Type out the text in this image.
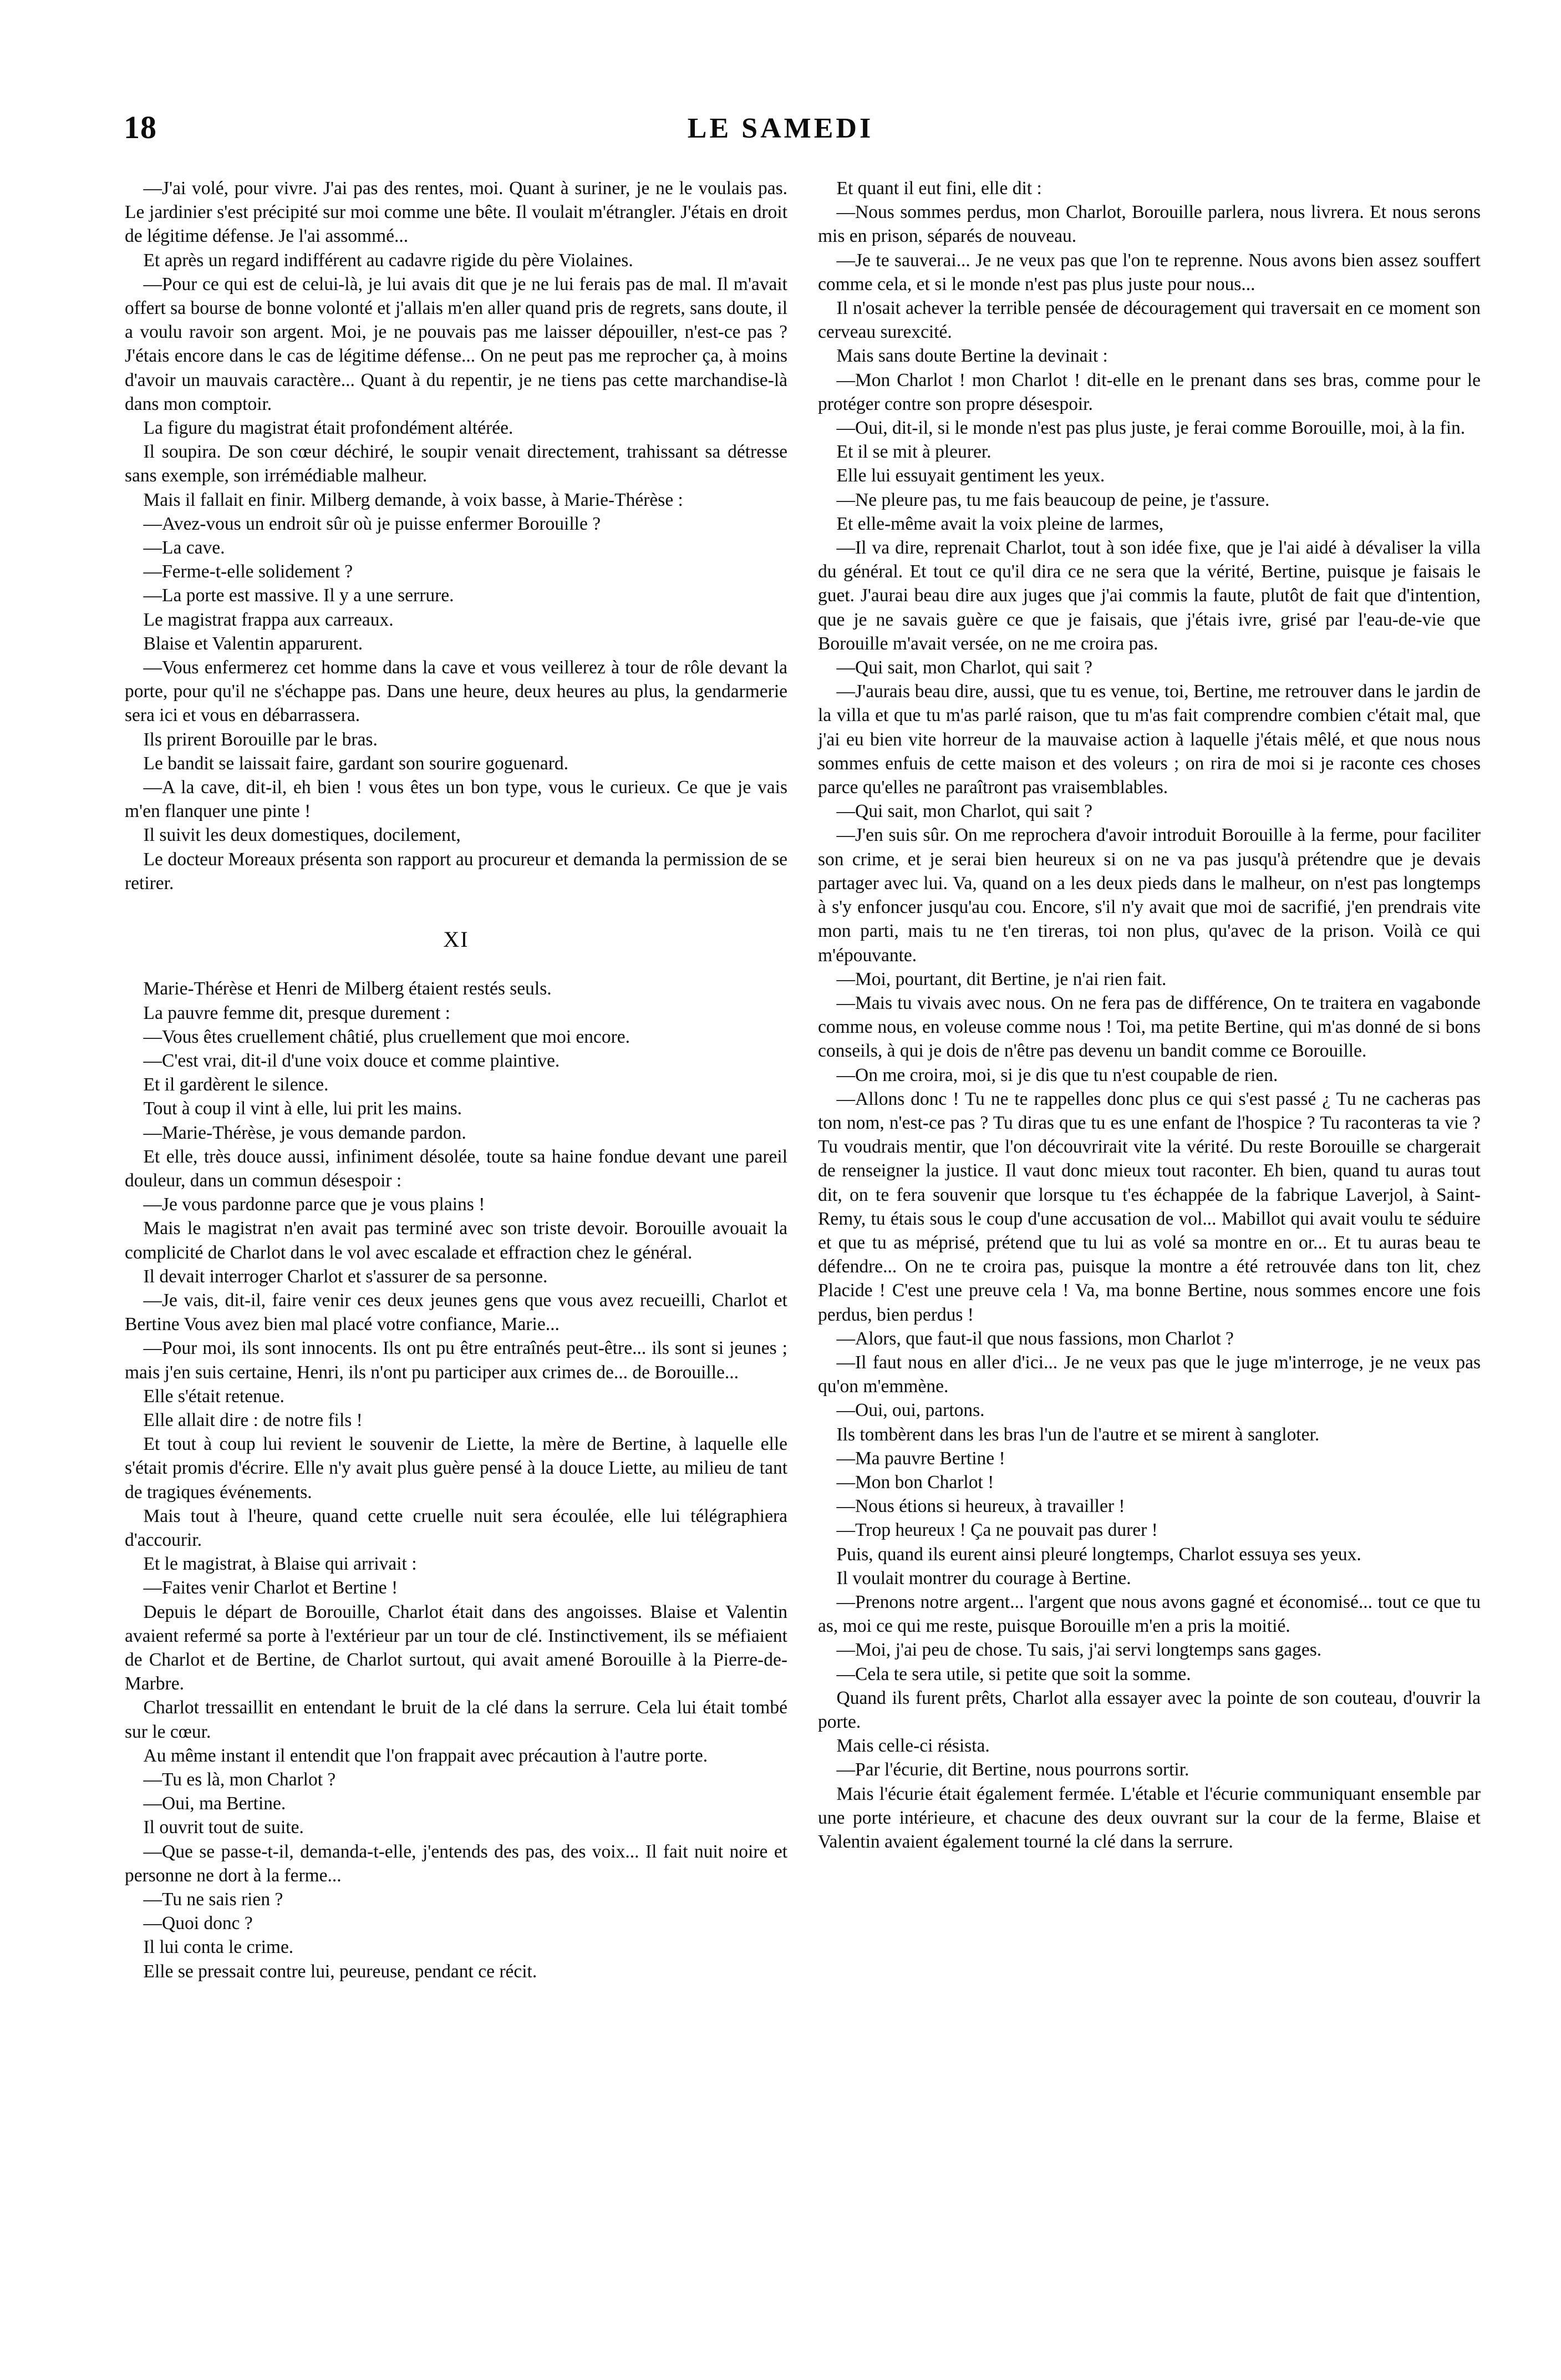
18	LE SAMEDI

—J'ai volé, pour vivre. J'ai pas des rentes, moi. Quant à suriner, je ne le voulais pas. Le jardinier s'est précipité sur moi comme une bête. Il voulait m'étrangler. J'étais en droit de légitime défense. Je l'ai assommé...

Et après un regard indifférent au cadavre rigide du père Violaines.

—Pour ce qui est de celui-là, je lui avais dit que je ne lui ferais pas de mal. Il m'avait offert sa bourse de bonne volonté et j'allais m'en aller quand pris de regrets, sans doute, il a voulu ravoir son argent. Moi, je ne pouvais pas me laisser dépouiller, n'est-ce pas ? J'étais encore dans le cas de légitime défense... On ne peut pas me reprocher ça, à moins d'avoir un mauvais caractère... Quant à du repentir, je ne tiens pas cette marchandise-là dans mon comptoir.

La figure du magistrat était profondément altérée.

Il soupira. De son cœur déchiré, le soupir venait directement, trahissant sa détresse sans exemple, son irrémédiable malheur.

Mais il fallait en finir. Milberg demande, à voix basse, à Marie-Thérèse :

—Avez-vous un endroit sûr où je puisse enfermer Borouille ?

—La cave.

—Ferme-t-elle solidement ?

—La porte est massive. Il y a une serrure.

Le magistrat frappa aux carreaux.

Blaise et Valentin apparurent.

—Vous enfermerez cet homme dans la cave et vous veillerez à tour de rôle devant la porte, pour qu'il ne s'échappe pas. Dans une heure, deux heures au plus, la gendarmerie sera ici et vous en débarrassera.

Ils prirent Borouille par le bras.

Le bandit se laissait faire, gardant son sourire goguenard.

—A la cave, dit-il, eh bien ! vous êtes un bon type, vous le curieux. Ce que je vais m'en flanquer une pinte !

Il suivit les deux domestiques, docilement,

Le docteur Moreaux présenta son rapport au procureur et demanda la permission de se retirer.

XI

Marie-Thérèse et Henri de Milberg étaient restés seuls.

La pauvre femme dit, presque durement :

—Vous êtes cruellement châtié, plus cruellement que moi encore.

—C'est vrai, dit-il d'une voix douce et comme plaintive.

Et il gardèrent le silence.

Tout à coup il vint à elle, lui prit les mains.

—Marie-Thérèse, je vous demande pardon.

Et elle, très douce aussi, infiniment désolée, toute sa haine fondue devant une pareil douleur, dans un commun désespoir :

—Je vous pardonne parce que je vous plains !

Mais le magistrat n'en avait pas terminé avec son triste devoir. Borouille avouait la complicité de Charlot dans le vol avec escalade et effraction chez le général.

Il devait interroger Charlot et s'assurer de sa personne.

—Je vais, dit-il, faire venir ces deux jeunes gens que vous avez recueilli, Charlot et Bertine Vous avez bien mal placé votre confiance, Marie...

—Pour moi, ils sont innocents. Ils ont pu être entraînés peut-être... ils sont si jeunes ; mais j'en suis certaine, Henri, ils n'ont pu participer aux crimes de... de Borouille...

Elle s'était retenue.

Elle allait dire : de notre fils !

Et tout à coup lui revient le souvenir de Liette, la mère de Bertine, à laquelle elle s'était promis d'écrire. Elle n'y avait plus guère pensé à la douce Liette, au milieu de tant de tragiques événements.

Mais tout à l'heure, quand cette cruelle nuit sera écoulée, elle lui télégraphiera d'accourir.

Et le magistrat, à Blaise qui arrivait :

—Faites venir Charlot et Bertine !

Depuis le départ de Borouille, Charlot était dans des angoisses. Blaise et Valentin avaient refermé sa porte à l'extérieur par un tour de clé. Instinctivement, ils se méfiaient de Charlot et de Bertine, de Charlot surtout, qui avait amené Borouille à la Pierre-de-Marbre.

Charlot tressaillit en entendant le bruit de la clé dans la serrure. Cela lui était tombé sur le cœur.

Au même instant il entendit que l'on frappait avec précaution à l'autre porte.

—Tu es là, mon Charlot ?

—Oui, ma Bertine.

Il ouvrit tout de suite.

—Que se passe-t-il, demanda-t-elle, j'entends des pas, des voix... Il fait nuit noire et personne ne dort à la ferme...

—Tu ne sais rien ?

—Quoi donc ?

Il lui conta le crime.

Elle se pressait contre lui, peureuse, pendant ce récit.

Et quant il eut fini, elle dit :

—Nous sommes perdus, mon Charlot, Borouille parlera, nous livrera. Et nous serons mis en prison, séparés de nouveau.

—Je te sauverai... Je ne veux pas que l'on te reprenne. Nous avons bien assez souffert comme cela, et si le monde n'est pas plus juste pour nous...

Il n'osait achever la terrible pensée de découragement qui traversait en ce moment son cerveau surexcité.

Mais sans doute Bertine la devinait :

—Mon Charlot ! mon Charlot ! dit-elle en le prenant dans ses bras, comme pour le protéger contre son propre désespoir.

—Oui, dit-il, si le monde n'est pas plus juste, je ferai comme Borouille, moi, à la fin.

Et il se mit à pleurer.

Elle lui essuyait gentiment les yeux.

—Ne pleure pas, tu me fais beaucoup de peine, je t'assure.

Et elle-même avait la voix pleine de larmes,

—Il va dire, reprenait Charlot, tout à son idée fixe, que je l'ai aidé à dévaliser la villa du général. Et tout ce qu'il dira ce ne sera que la vérité, Bertine, puisque je faisais le guet. J'aurai beau dire aux juges que j'ai commis la faute, plutôt de fait que d'intention, que je ne savais guère ce que je faisais, que j'étais ivre, grisé par l'eau-de-vie que Borouille m'avait versée, on ne me croira pas.

—Qui sait, mon Charlot, qui sait ?

—J'aurais beau dire, aussi, que tu es venue, toi, Bertine, me retrouver dans le jardin de la villa et que tu m'as parlé raison, que tu m'as fait comprendre combien c'était mal, que j'ai eu bien vite horreur de la mauvaise action à laquelle j'étais mêlé, et que nous nous sommes enfuis de cette maison et des voleurs ; on rira de moi si je raconte ces choses parce qu'elles ne paraîtront pas vraisemblables.

—Qui sait, mon Charlot, qui sait ?

—J'en suis sûr. On me reprochera d'avoir introduit Borouille à la ferme, pour faciliter son crime, et je serai bien heureux si on ne va pas jusqu'à prétendre que je devais partager avec lui. Va, quand on a les deux pieds dans le malheur, on n'est pas longtemps à s'y enfoncer jusqu'au cou. Encore, s'il n'y avait que moi de sacrifié, j'en prendrais vite mon parti, mais tu ne t'en tireras, toi non plus, qu'avec de la prison. Voilà ce qui m'épouvante.

—Moi, pourtant, dit Bertine, je n'ai rien fait.

—Mais tu vivais avec nous. On ne fera pas de différence, On te traitera en vagabonde comme nous, en voleuse comme nous ! Toi, ma petite Bertine, qui m'as donné de si bons conseils, à qui je dois de n'être pas devenu un bandit comme ce Borouille.

—On me croira, moi, si je dis que tu n'est coupable de rien.

—Allons donc ! Tu ne te rappelles donc plus ce qui s'est passé ¿ Tu ne cacheras pas ton nom, n'est-ce pas ? Tu diras que tu es une enfant de l'hospice ? Tu raconteras ta vie ? Tu voudrais mentir, que l'on découvrirait vite la vérité. Du reste Borouille se chargerait de renseigner la justice. Il vaut donc mieux tout raconter. Eh bien, quand tu auras tout dit, on te fera souvenir que lorsque tu t'es échappée de la fabrique Laverjol, à Saint-Remy, tu étais sous le coup d'une accusation de vol... Mabillot qui avait voulu te séduire et que tu as méprisé, prétend que tu lui as volé sa montre en or... Et tu auras beau te défendre... On ne te croira pas, puisque la montre a été retrouvée dans ton lit, chez Placide ! C'est une preuve cela ! Va, ma bonne Bertine, nous sommes encore une fois perdus, bien perdus !

—Alors, que faut-il que nous fassions, mon Charlot ?

—Il faut nous en aller d'ici... Je ne veux pas que le juge m'interroge, je ne veux pas qu'on m'emmène.

—Oui, oui, partons.

Ils tombèrent dans les bras l'un de l'autre et se mirent à sangloter.

—Ma pauvre Bertine !

—Mon bon Charlot !

—Nous étions si heureux, à travailler !

—Trop heureux ! Ça ne pouvait pas durer !

Puis, quand ils eurent ainsi pleuré longtemps, Charlot essuya ses yeux.

Il voulait montrer du courage à Bertine.

—Prenons notre argent... l'argent que nous avons gagné et économisé... tout ce que tu as, moi ce qui me reste, puisque Borouille m'en a pris la moitié.

—Moi, j'ai peu de chose. Tu sais, j'ai servi longtemps sans gages.

—Cela te sera utile, si petite que soit la somme.

Quand ils furent prêts, Charlot alla essayer avec la pointe de son couteau, d'ouvrir la porte.

Mais celle-ci résista.

—Par l'écurie, dit Bertine, nous pourrons sortir.

Mais l'écurie était également fermée. L'étable et l'écurie communiquant ensemble par une porte intérieure, et chacune des deux ouvrant sur la cour de la ferme, Blaise et Valentin avaient également tourné la clé dans la serrure.
